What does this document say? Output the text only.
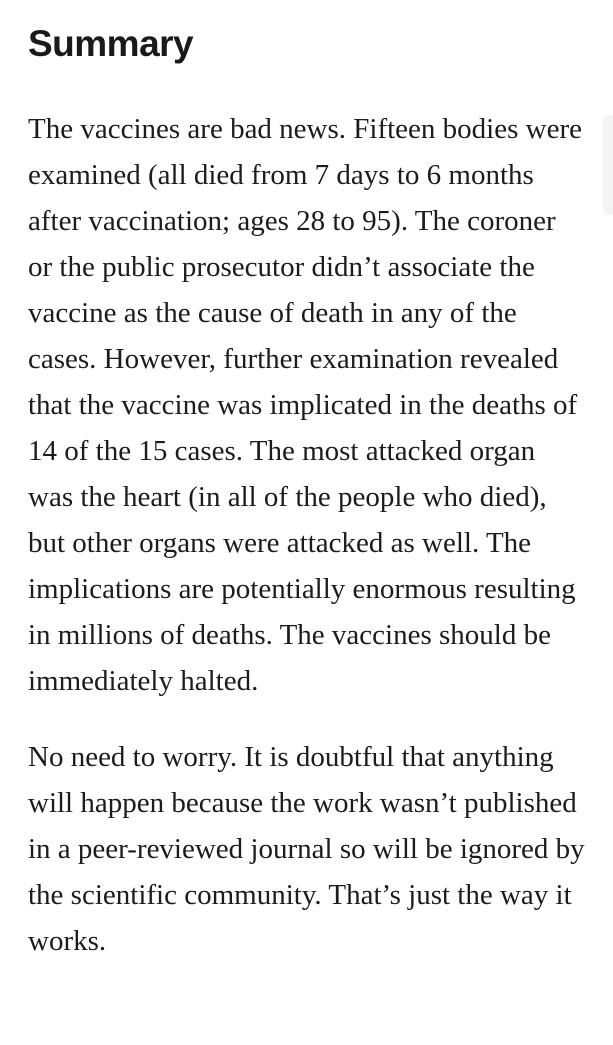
Summary

The vaccines are bad news. Fifteen bodies were examined (all died from 7 days to 6 months after vaccination; ages 28 to 95). The coroner or the public prosecutor didn’t associate the vaccine as the cause of death in any of the cases. However, further examination revealed that the vaccine was implicated in the deaths of 14 of the 15 cases. The most attacked organ was the heart (in all of the people who died), but other organs were attacked as well. The implications are potentially enormous resulting in millions of deaths. The vaccines should be immediately halted.

No need to worry. It is doubtful that anything will happen because the work wasn’t published in a peer-reviewed journal so will be ignored by the scientific community. That’s just the way it works.
